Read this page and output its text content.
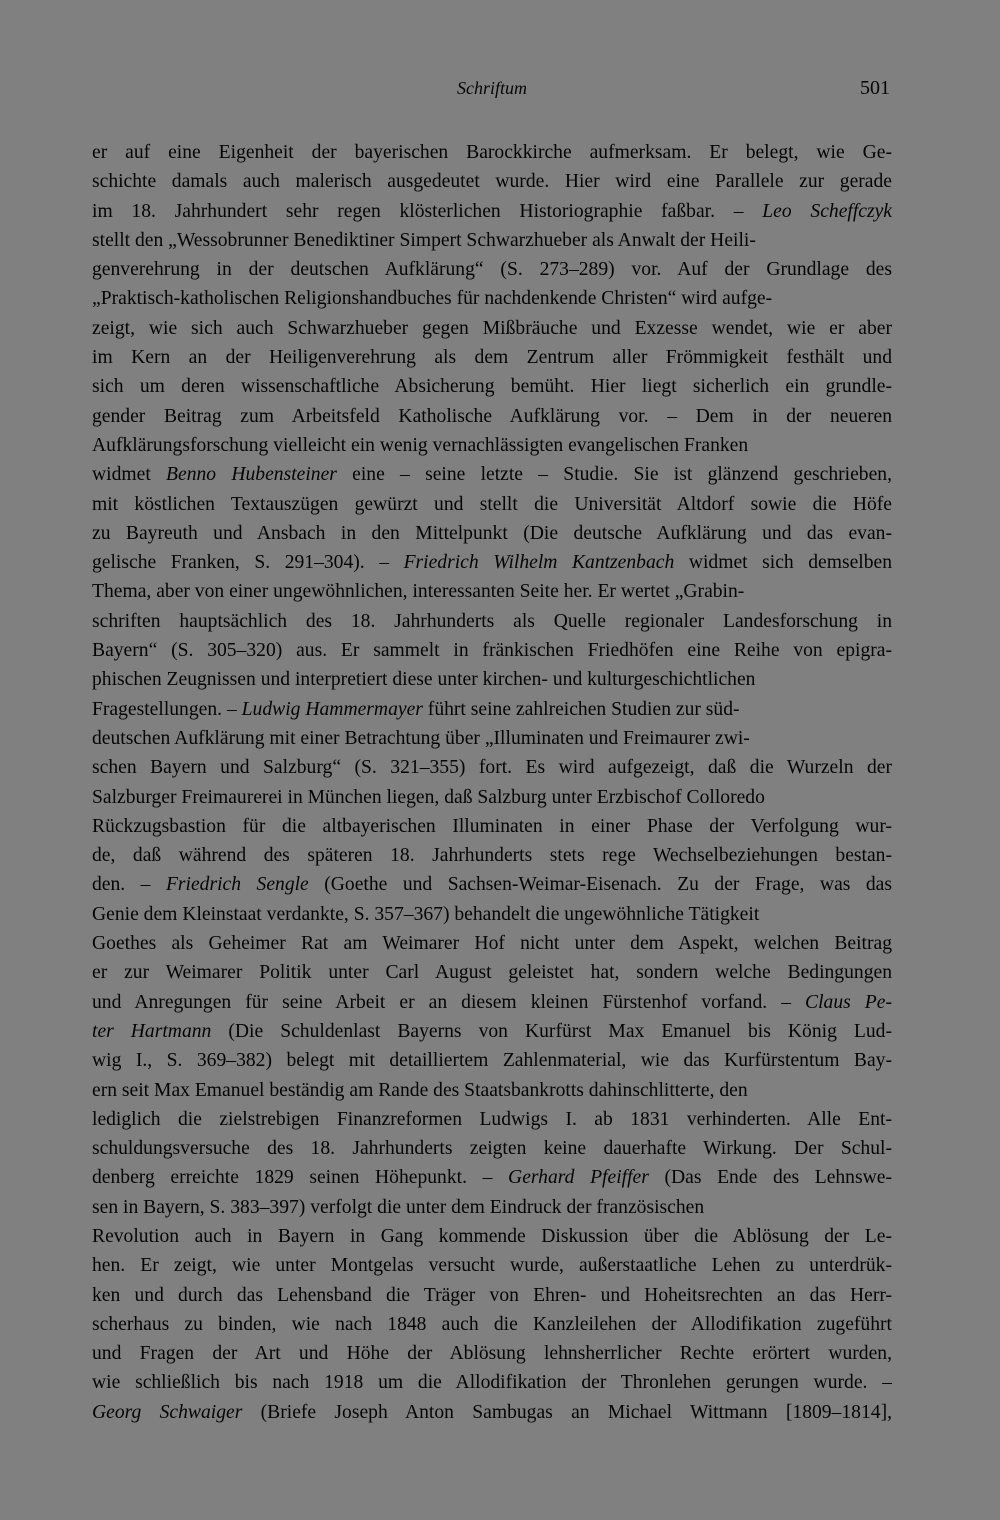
Schriftum	501
er auf eine Eigenheit der bayerischen Barockkirche aufmerksam. Er belegt, wie Ge-
schichte damals auch malerisch ausgedeutet wurde. Hier wird eine Parallele zur gerade
im 18. Jahrhundert sehr regen klösterlichen Historiographie faßbar. – Leo Scheffczyk
stellt den „Wessobrunner Benediktiner Simpert Schwarzhueber als Anwalt der Heili-
genverehrung in der deutschen Aufklärung“ (S. 273–289) vor. Auf der Grundlage des
„Praktisch-katholischen Religionshandbuches für nachdenkende Christen“ wird aufge-
zeigt, wie sich auch Schwarzhueber gegen Mißbräuche und Exzesse wendet, wie er aber
im Kern an der Heiligenverehrung als dem Zentrum aller Frömmigkeit festhält und
sich um deren wissenschaftliche Absicherung bemüht. Hier liegt sicherlich ein grundle-
gender Beitrag zum Arbeitsfeld Katholische Aufklärung vor. – Dem in der neueren
Aufklärungsforschung vielleicht ein wenig vernachlässigten evangelischen Franken
widmet Benno Hubensteiner eine – seine letzte – Studie. Sie ist glänzend geschrieben,
mit köstlichen Textauszügen gewürzt und stellt die Universität Altdorf sowie die Höfe
zu Bayreuth und Ansbach in den Mittelpunkt (Die deutsche Aufklärung und das evan-
gelische Franken, S. 291–304). – Friedrich Wilhelm Kantzenbach widmet sich demselben
Thema, aber von einer ungewöhnlichen, interessanten Seite her. Er wertet „Grabin-
schriften hauptsächlich des 18. Jahrhunderts als Quelle regionaler Landesforschung in
Bayern“ (S. 305–320) aus. Er sammelt in fränkischen Friedhöfen eine Reihe von epigra-
phischen Zeugnissen und interpretiert diese unter kirchen- und kulturgeschichtlichen
Fragestellungen. – Ludwig Hammermayer führt seine zahlreichen Studien zur süd-
deutschen Aufklärung mit einer Betrachtung über „Illuminaten und Freimaurer zwi-
schen Bayern und Salzburg“ (S. 321–355) fort. Es wird aufgezeigt, daß die Wurzeln der
Salzburger Freimaurerei in München liegen, daß Salzburg unter Erzbischof Colloredo
Rückzugsbastion für die altbayerischen Illuminaten in einer Phase der Verfolgung wur-
de, daß während des späteren 18. Jahrhunderts stets rege Wechselbeziehungen bestan-
den. – Friedrich Sengle (Goethe und Sachsen-Weimar-Eisenach. Zu der Frage, was das
Genie dem Kleinstaat verdankte, S. 357–367) behandelt die ungewöhnliche Tätigkeit
Goethes als Geheimer Rat am Weimarer Hof nicht unter dem Aspekt, welchen Beitrag
er zur Weimarer Politik unter Carl August geleistet hat, sondern welche Bedingungen
und Anregungen für seine Arbeit er an diesem kleinen Fürstenhof vorfand. – Claus Pe-
ter Hartmann (Die Schuldenlast Bayerns von Kurfürst Max Emanuel bis König Lud-
wig I., S. 369–382) belegt mit detailliertem Zahlenmaterial, wie das Kurfürstentum Bay-
ern seit Max Emanuel beständig am Rande des Staatsbankrotts dahinschlitterte, den
lediglich die zielstrebigen Finanzreformen Ludwigs I. ab 1831 verhinderten. Alle Ent-
schuldungsversuche des 18. Jahrhunderts zeigten keine dauerhafte Wirkung. Der Schul-
denberg erreichte 1829 seinen Höhepunkt. – Gerhard Pfeiffer (Das Ende des Lehnswe-
sen in Bayern, S. 383–397) verfolgt die unter dem Eindruck der französischen
Revolution auch in Bayern in Gang kommende Diskussion über die Ablösung der Le-
hen. Er zeigt, wie unter Montgelas versucht wurde, außerstaatliche Lehen zu unterdrük-
ken und durch das Lehensband die Träger von Ehren- und Hoheitsrechten an das Herr-
scherhaus zu binden, wie nach 1848 auch die Kanzleilehen der Allodifikation zugeführt
und Fragen der Art und Höhe der Ablösung lehnsherrlicher Rechte erörtert wurden,
wie schließlich bis nach 1918 um die Allodifikation der Thronlehen gerungen wurde. –
Georg Schwaiger (Briefe Joseph Anton Sambugas an Michael Wittmann [1809–1814],
